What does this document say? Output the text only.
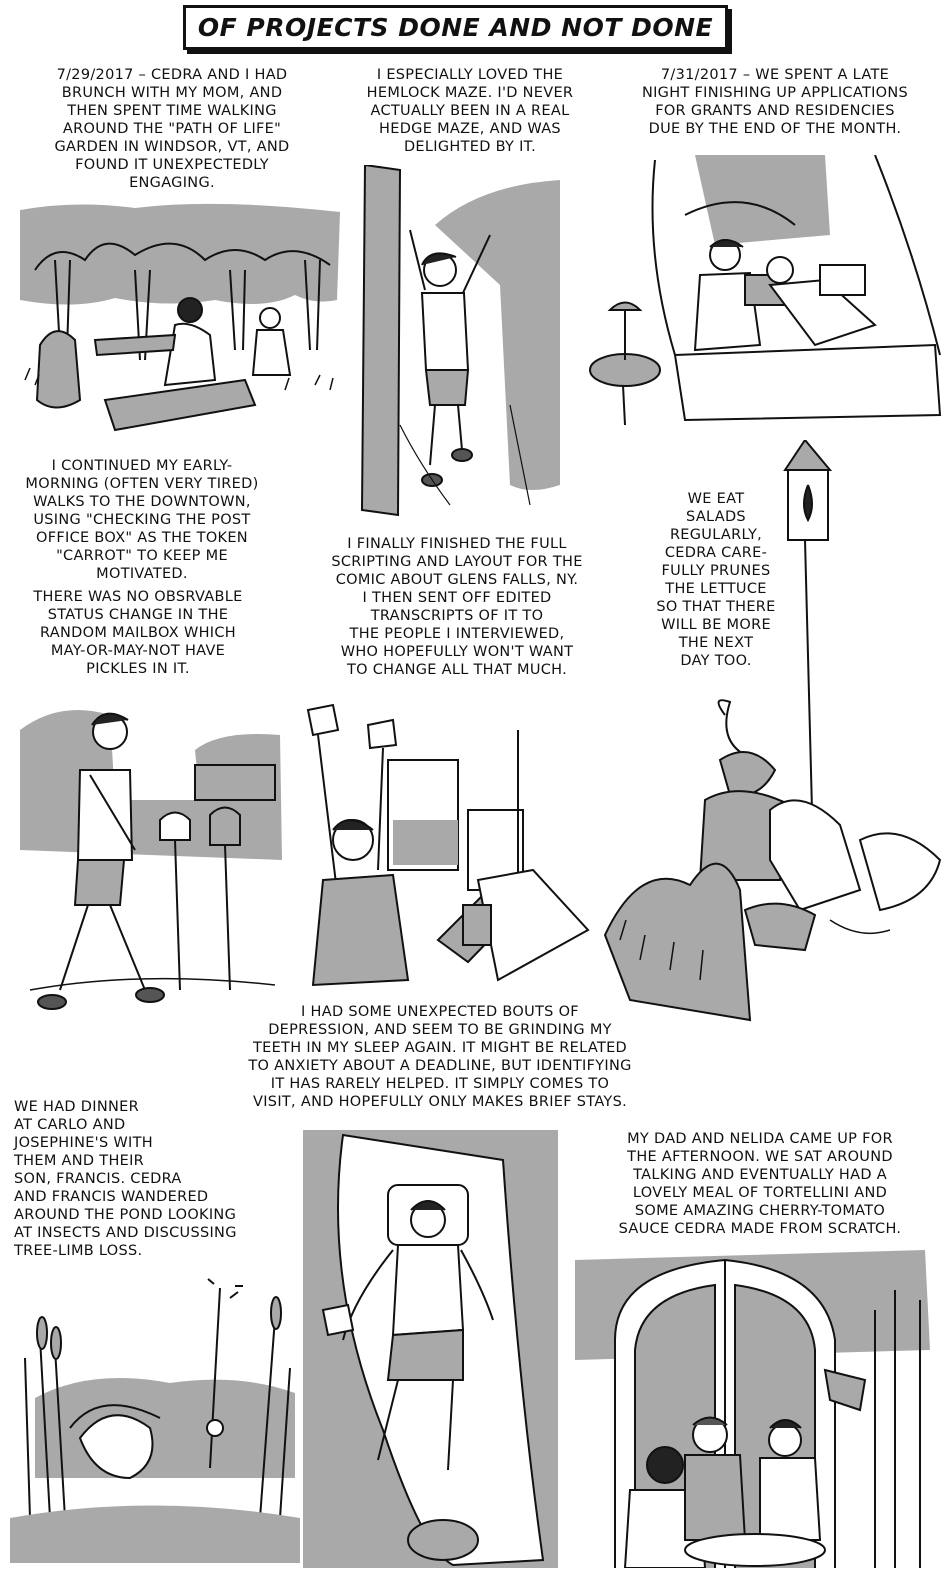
OF PROJECTS DONE AND NOT DONE
7/29/2017 – CEDRA AND I HAD
BRUNCH WITH MY MOM, AND
THEN SPENT TIME WALKING
AROUND THE "PATH OF LIFE"
GARDEN IN WINDSOR, VT, AND
FOUND IT UNEXPECTEDLY
ENGAGING.
I ESPECIALLY LOVED THE
HEMLOCK MAZE. I'D NEVER
ACTUALLY BEEN IN A REAL
HEDGE MAZE, AND WAS
DELIGHTED BY IT.
7/31/2017 – WE SPENT A LATE
NIGHT FINISHING UP APPLICATIONS
FOR GRANTS AND RESIDENCIES
DUE BY THE END OF THE MONTH.
I CONTINUED MY EARLY-
MORNING (OFTEN VERY TIRED)
WALKS TO THE DOWNTOWN,
USING "CHECKING THE POST
OFFICE BOX" AS THE TOKEN
"CARROT" TO KEEP ME
MOTIVATED.
THERE WAS NO OBSRVABLE
STATUS CHANGE IN THE
RANDOM MAILBOX WHICH
MAY-OR-MAY-NOT HAVE
PICKLES IN IT.
I FINALLY FINISHED THE FULL
SCRIPTING AND LAYOUT FOR THE
COMIC ABOUT GLENS FALLS, NY.
I THEN SENT OFF EDITED
TRANSCRIPTS OF IT TO
THE PEOPLE I INTERVIEWED,
WHO HOPEFULLY WON'T WANT
TO CHANGE ALL THAT MUCH.
WE EAT
SALADS
REGULARLY,
CEDRA CARE-
FULLY PRUNES
THE LETTUCE
SO THAT THERE
WILL BE MORE
THE NEXT
DAY TOO.
I HAD SOME UNEXPECTED BOUTS OF
DEPRESSION, AND SEEM TO BE GRINDING MY
TEETH IN MY SLEEP AGAIN. IT MIGHT BE RELATED
TO ANXIETY ABOUT A DEADLINE, BUT IDENTIFYING
IT HAS RARELY HELPED. IT SIMPLY COMES TO
VISIT, AND HOPEFULLY ONLY MAKES BRIEF STAYS.
WE HAD DINNER
AT CARLO AND
JOSEPHINE'S WITH
THEM AND THEIR
SON, FRANCIS. CEDRA
AND FRANCIS WANDERED
AROUND THE POND LOOKING
AT INSECTS AND DISCUSSING
TREE-LIMB LOSS.
MY DAD AND NELIDA CAME UP FOR
THE AFTERNOON. WE SAT AROUND
TALKING AND EVENTUALLY HAD A
LOVELY MEAL OF TORTELLINI AND
SOME AMAZING CHERRY-TOMATO
SAUCE CEDRA MADE FROM SCRATCH.
